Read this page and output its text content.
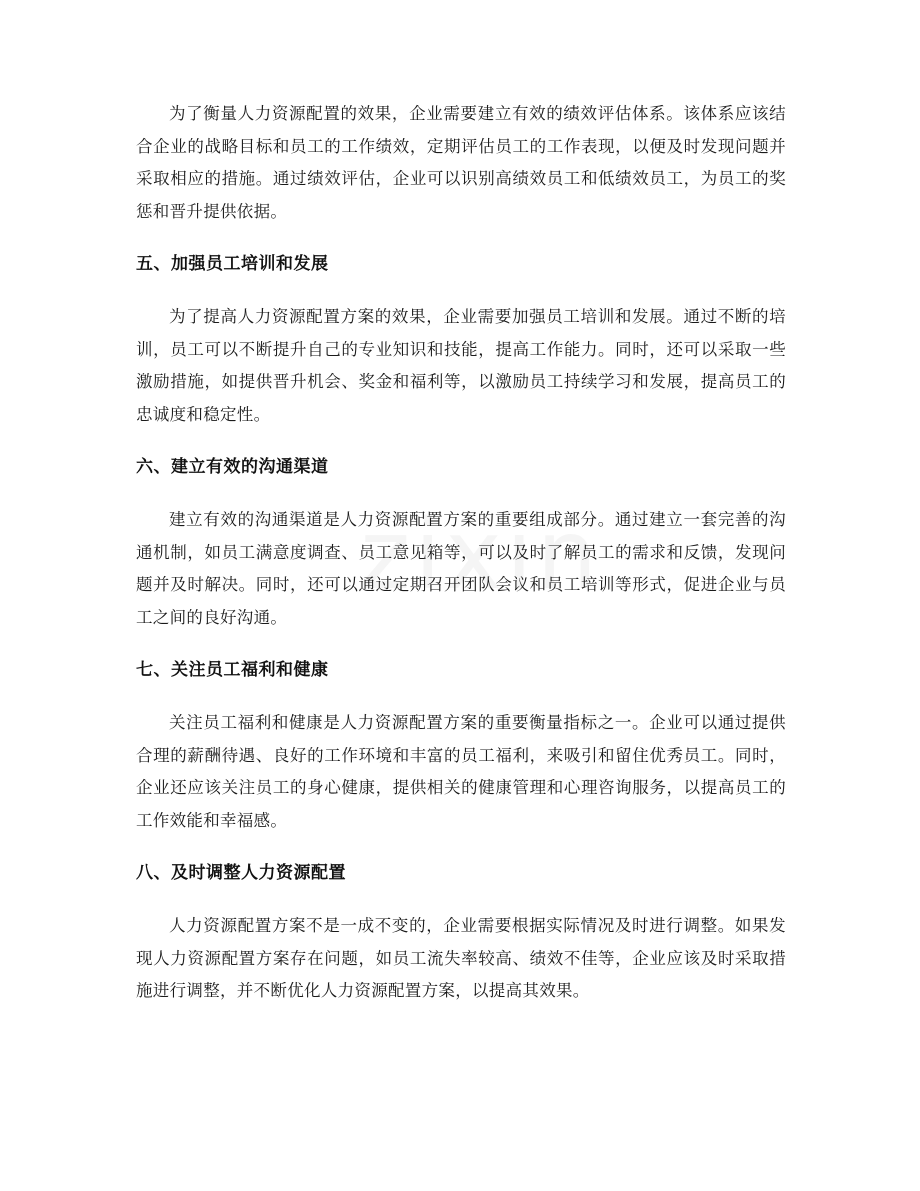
为了衡量人力资源配置的效果，企业需要建立有效的绩效评估体系。该体系应该结合企业的战略目标和员工的工作绩效，定期评估员工的工作表现，以便及时发现问题并采取相应的措施。通过绩效评估，企业可以识别高绩效员工和低绩效员工，为员工的奖惩和晋升提供依据。

五、加强员工培训和发展

为了提高人力资源配置方案的效果，企业需要加强员工培训和发展。通过不断的培训，员工可以不断提升自己的专业知识和技能，提高工作能力。同时，还可以采取一些激励措施，如提供晋升机会、奖金和福利等，以激励员工持续学习和发展，提高员工的忠诚度和稳定性。

六、建立有效的沟通渠道

建立有效的沟通渠道是人力资源配置方案的重要组成部分。通过建立一套完善的沟通机制，如员工满意度调查、员工意见箱等，可以及时了解员工的需求和反馈，发现问题并及时解决。同时，还可以通过定期召开团队会议和员工培训等形式，促进企业与员工之间的良好沟通。

七、关注员工福利和健康

关注员工福利和健康是人力资源配置方案的重要衡量指标之一。企业可以通过提供合理的薪酬待遇、良好的工作环境和丰富的员工福利，来吸引和留住优秀员工。同时，企业还应该关注员工的身心健康，提供相关的健康管理和心理咨询服务，以提高员工的工作效能和幸福感。

八、及时调整人力资源配置

人力资源配置方案不是一成不变的，企业需要根据实际情况及时进行调整。如果发现人力资源配置方案存在问题，如员工流失率较高、绩效不佳等，企业应该及时采取措施进行调整，并不断优化人力资源配置方案，以提高其效果。
